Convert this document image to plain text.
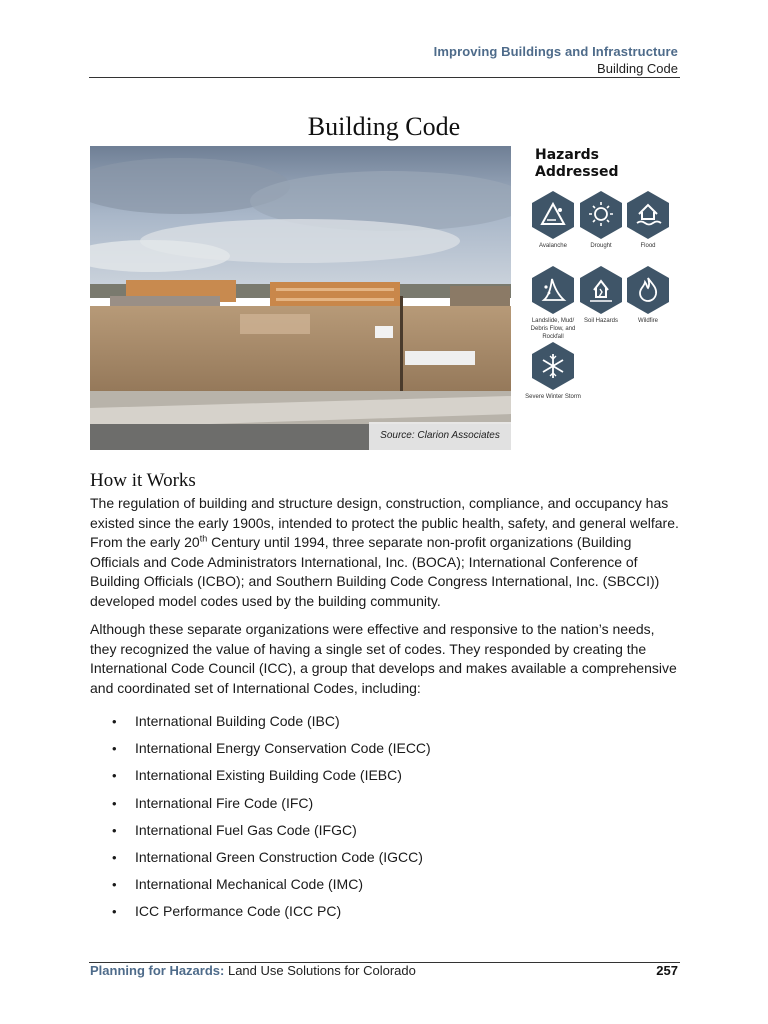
Improving Buildings and Infrastructure
Building Code
Building Code
Source: Clarion Associates
Hazards Addressed
Avalanche	Drought	Flood
Landslide, Mud/ Debris Flow, and Rockfall
Soil Hazards	Wildfire
Severe Winter Storm
How it Works

The regulation of building and structure design, construction, compliance, and occupancy has existed since the early 1900s, intended to protect the public health, safety, and general welfare. From the early 20th Century until 1994, three separate non-profit organizations (Building Officials and Code Administrators International, Inc. (BOCA); International Conference of Building Officials (ICBO); and Southern Building Code Congress International, Inc. (SBCCI)) developed model codes used by the building community.

Although these separate organizations were effective and responsive to the nation’s needs, they recognized the value of having a single set of codes. They responded by creating the International Code Council (ICC), a group that develops and makes available a comprehensive and coordinated set of International Codes, including:

• International Building Code (IBC)
• International Energy Conservation Code (IECC)
• International Existing Building Code (IEBC)
• International Fire Code (IFC)
• International Fuel Gas Code (IFGC)
• International Green Construction Code (IGCC)
• International Mechanical Code (IMC)
• ICC Performance Code (ICC PC)
Planning for Hazards: Land Use Solutions for Colorado	257
